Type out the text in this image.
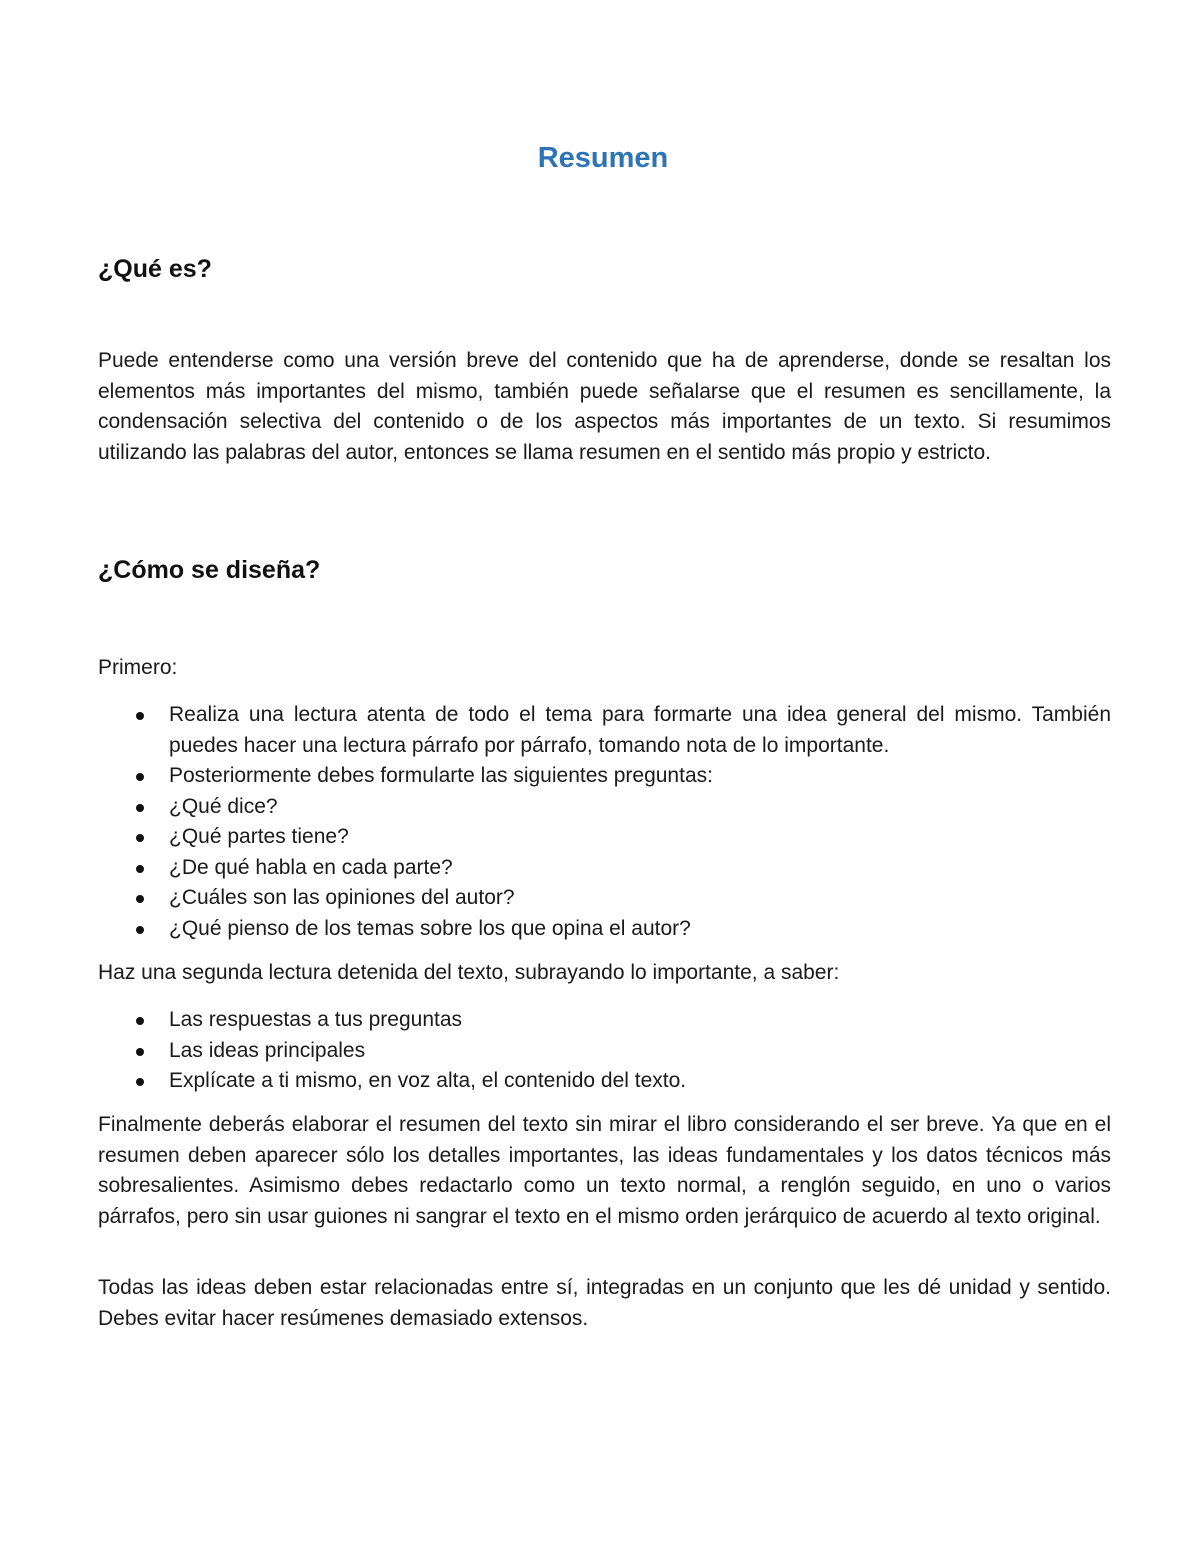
Resumen
¿Qué es?

Puede entenderse como una versión breve del contenido que ha de aprenderse, donde se resaltan los elementos más importantes del mismo, también puede señalarse que el resumen es sencillamente, la condensación selectiva del contenido o de los aspectos más importantes de un texto. Si resumimos utilizando las palabras del autor, entonces se llama resumen en el sentido más propio y estricto.

¿Cómo se diseña?

Primero:

Realiza una lectura atenta de todo el tema para formarte una idea general del mismo. También puedes hacer una lectura párrafo por párrafo, tomando nota de lo importante.
Posteriormente debes formularte las siguientes preguntas:
¿Qué dice?
¿Qué partes tiene?
¿De qué habla en cada parte?
¿Cuáles son las opiniones del autor?
¿Qué pienso de los temas sobre los que opina el autor?

Haz una segunda lectura detenida del texto, subrayando lo importante, a saber:

Las respuestas a tus preguntas
Las ideas principales
Explícate a ti mismo, en voz alta, el contenido del texto.

Finalmente deberás elaborar el resumen del texto sin mirar el libro considerando el ser breve. Ya que en el resumen deben aparecer sólo los detalles importantes, las ideas fundamentales y los datos técnicos más sobresalientes. Asimismo debes redactarlo como un texto normal, a renglón seguido, en uno o varios párrafos, pero sin usar guiones ni sangrar el texto en el mismo orden jerárquico de acuerdo al texto original.

Todas las ideas deben estar relacionadas entre sí, integradas en un conjunto que les dé unidad y sentido. Debes evitar hacer resúmenes demasiado extensos.
